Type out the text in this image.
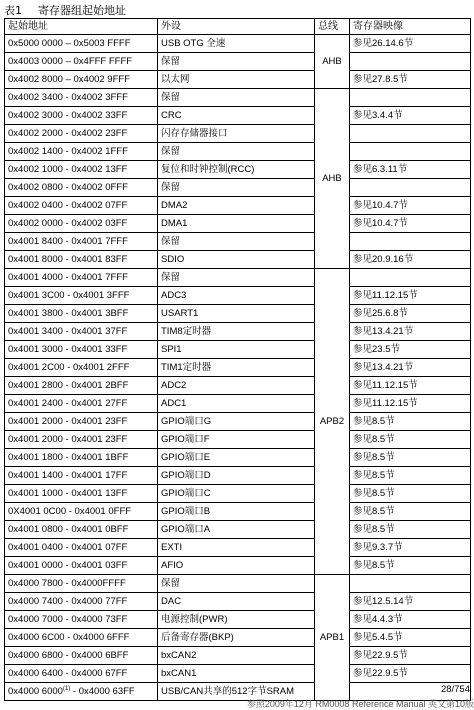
表1 寄存器组起始地址
起始地址	外设	总线	寄存器映像
0x5000 0000 – 0x5003 FFFF	USB OTG 全速	AHB	参见26.14.6节
0x4003 0000 – 0x4FFF FFFF	保留		
0x4002 8000 – 0x4002 9FFF	以太网		参见27.8.5节
0x4002 3400 - 0x4002 3FFF	保留	AHB	
0x4002 3000 - 0x4002 33FF	CRC		参见3.4.4节
0x4002 2000 - 0x4002 23FF	闪存存储器接口		
0x4002 1400 - 0x4002 1FFF	保留		
0x4002 1000 - 0x4002 13FF	复位和时钟控制(RCC)		参见6.3.11节
0x4002 0800 - 0x4002 0FFF	保留		
0x4002 0400 - 0x4002 07FF	DMA2		参见10.4.7节
0x4002 0000 - 0x4002 03FF	DMA1		参见10.4.7节
0x4001 8400 - 0x4001 7FFF	保留		
0x4001 8000 - 0x4001 83FF	SDIO		参见20.9.16节
0x4001 4000 - 0x4001 7FFF	保留	APB2	
0x4001 3C00 - 0x4001 3FFF	ADC3		参见11.12.15节
0x4001 3800 - 0x4001 3BFF	USART1		参见25.6.8节
0x4001 3400 - 0x4001 37FF	TIM8定时器		参见13.4.21节
0x4001 3000 - 0x4001 33FF	SPI1		参见23.5节
0x4001 2C00 - 0x4001 2FFF	TIM1定时器		参见13.4.21节
0x4001 2800 - 0x4001 2BFF	ADC2		参见11.12.15节
0x4001 2400 - 0x4001 27FF	ADC1		参见11.12.15节
0x4001 2000 - 0x4001 23FF	GPIO端口G		参见8.5节
0x4001 2000 - 0x4001 23FF	GPIO端口F		参见8.5节
0x4001 1800 - 0x4001 1BFF	GPIO端口E		参见8.5节
0x4001 1400 - 0x4001 17FF	GPIO端口D		参见8.5节
0x4001 1000 - 0x4001 13FF	GPIO端口C		参见8.5节
0X4001 0C00 - 0x4001 0FFF	GPIO端口B		参见8.5节
0x4001 0800 - 0x4001 0BFF	GPIO端口A		参见8.5节
0x4001 0400 - 0x4001 07FF	EXTI		参见9.3.7节
0x4001 0000 - 0x4001 03FF	AFIO		参见8.5节
0x4000 7800 - 0x4000FFFF	保留	APB1	
0x4000 7400 - 0x4000 77FF	DAC		参见12.5.14节
0x4000 7000 - 0x4000 73FF	电源控制(PWR)		参见4.4.3节
0x4000 6C00 - 0x4000 6FFF	后备寄存器(BKP)		参见5.4.5节
0x4000 6800 - 0x4000 6BFF	bxCAN2		参见22.9.5节
0x4000 6400 - 0x4000 67FF	bxCAN1		参见22.9.5节
0x4000 6000$^{(1)}$ - 0x4000 63FF	USB/CAN共享的512字节SRAM			28/754
参照2009年12月 RM0008 Reference Manual 英文第10版
